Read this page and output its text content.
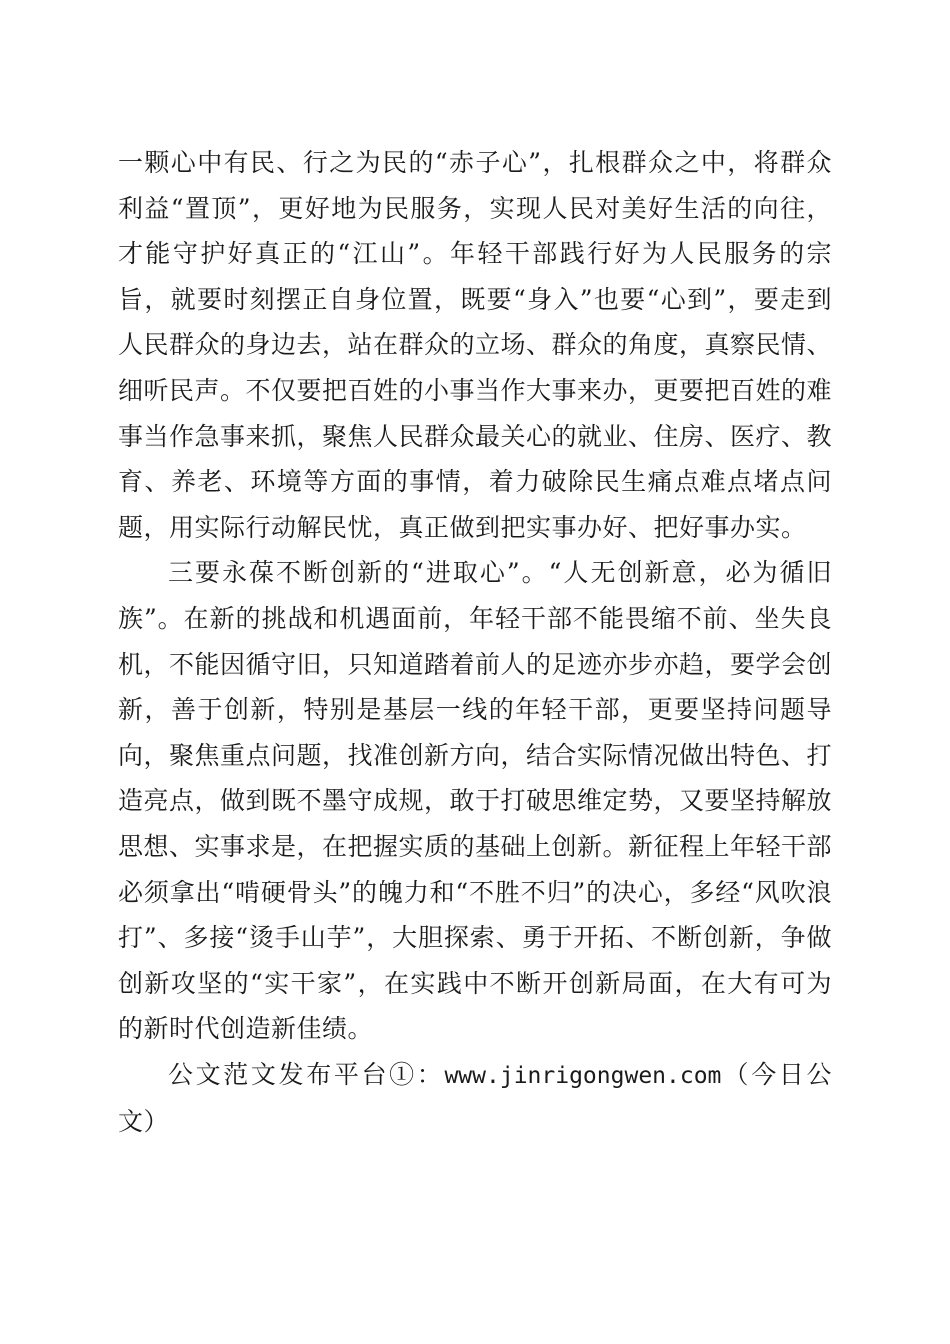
一颗心中有民、行之为民的“赤子心”，扎根群众之中，将群众利益“置顶”，更好地为民服务，实现人民对美好生活的向往，才能守护好真正的“江山”。年轻干部践行好为人民服务的宗旨，就要时刻摆正自身位置，既要“身入”也要“心到”，要走到人民群众的身边去，站在群众的立场、群众的角度，真察民情、细听民声。不仅要把百姓的小事当作大事来办，更要把百姓的难事当作急事来抓，聚焦人民群众最关心的就业、住房、医疗、教育、养老、环境等方面的事情，着力破除民生痛点难点堵点问题，用实际行动解民忧，真正做到把实事办好、把好事办实。

三要永葆不断创新的“进取心”。“人无创新意，必为循旧族”。在新的挑战和机遇面前，年轻干部不能畏缩不前、坐失良机，不能因循守旧，只知道踏着前人的足迹亦步亦趋，要学会创新，善于创新，特别是基层一线的年轻干部，更要坚持问题导向，聚焦重点问题，找准创新方向，结合实际情况做出特色、打造亮点，做到既不墨守成规，敢于打破思维定势，又要坚持解放思想、实事求是，在把握实质的基础上创新。新征程上年轻干部必须拿出“啃硬骨头”的魄力和“不胜不归”的决心，多经“风吹浪打”、多接“烫手山芋”，大胆探索、勇于开拓、不断创新，争做创新攻坚的“实干家”，在实践中不断开创新局面，在大有可为的新时代创造新佳绩。

公文范文发布平台①：www.jinrigongwen.com（今日公文）
